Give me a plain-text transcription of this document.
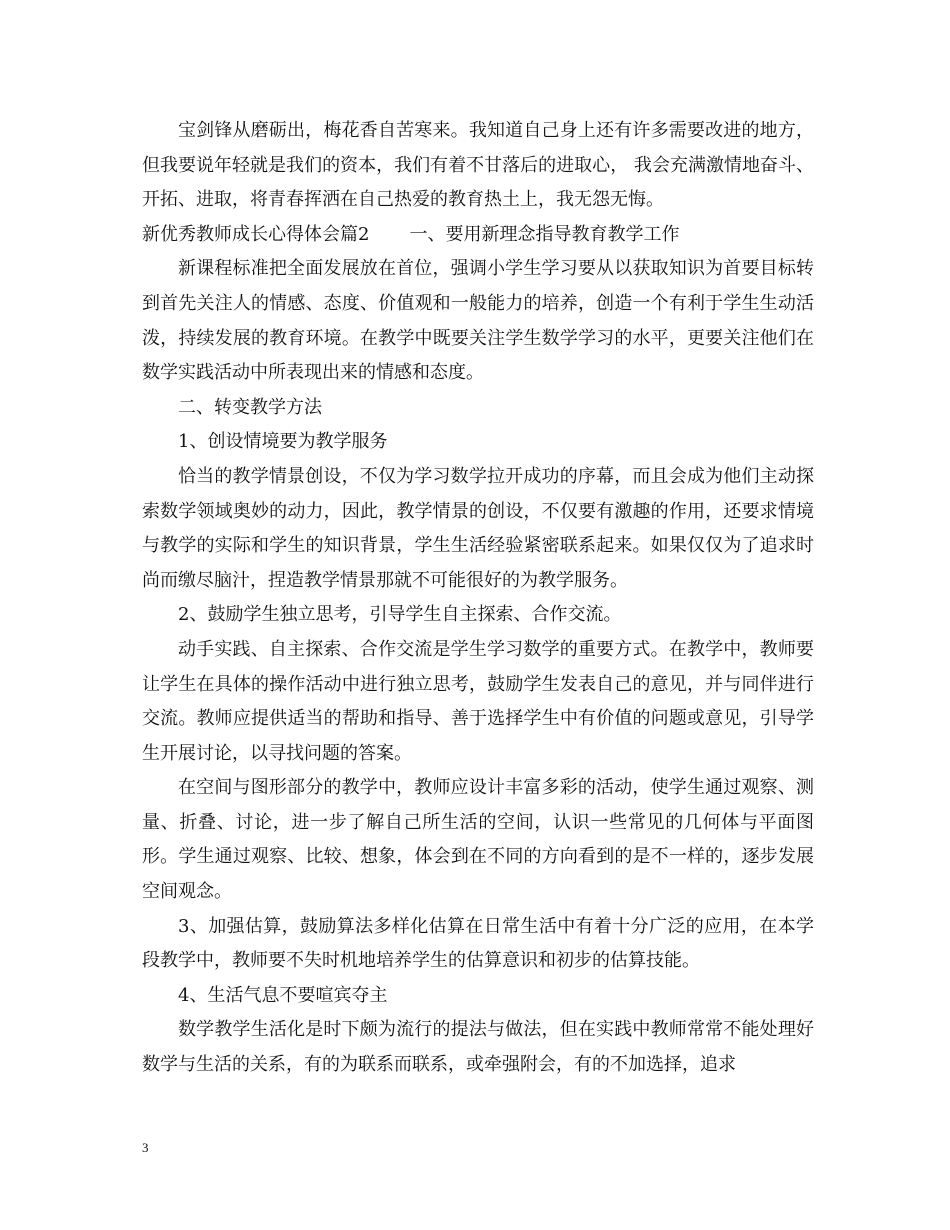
宝剑锋从磨砺出，梅花香自苦寒来。我知道自己身上还有许多需要改进的地方，但我要说年轻就是我们的资本，我们有着不甘落后的进取心， 我会充满激情地奋斗、开拓、进取，将青春挥洒在自己热爱的教育热土上，我无怨无悔。

新优秀教师成长心得体会篇2 一、要用新理念指导教育教学工作

新课程标准把全面发展放在首位，强调小学生学习要从以获取知识为首要目标转到首先关注人的情感、态度、价值观和一般能力的培养，创造一个有利于学生生动活泼，持续发展的教育环境。在教学中既要关注学生数学学习的水平，更要关注他们在数学实践活动中所表现出来的情感和态度。

二、转变教学方法

1、创设情境要为教学服务

恰当的教学情景创设，不仅为学习数学拉开成功的序幕，而且会成为他们主动探索数学领域奥妙的动力，因此，教学情景的创设，不仅要有激趣的作用，还要求情境与教学的实际和学生的知识背景，学生生活经验紧密联系起来。如果仅仅为了追求时尚而缴尽脑汁，捏造教学情景那就不可能很好的为教学服务。

2、鼓励学生独立思考，引导学生自主探索、合作交流。

动手实践、自主探索、合作交流是学生学习数学的重要方式。在教学中，教师要让学生在具体的操作活动中进行独立思考，鼓励学生发表自己的意见，并与同伴进行交流。教师应提供适当的帮助和指导、善于选择学生中有价值的问题或意见，引导学生开展讨论，以寻找问题的答案。

在空间与图形部分的教学中，教师应设计丰富多彩的活动，使学生通过观察、测量、折叠、讨论，进一步了解自己所生活的空间，认识一些常见的几何体与平面图形。学生通过观察、比较、想象，体会到在不同的方向看到的是不一样的，逐步发展空间观念。

3、加强估算，鼓励算法多样化估算在日常生活中有着十分广泛的应用，在本学段教学中，教师要不失时机地培养学生的估算意识和初步的估算技能。

4、生活气息不要喧宾夺主

数学教学生活化是时下颇为流行的提法与做法，但在实践中教师常常不能处理好数学与生活的关系，有的为联系而联系，或牵强附会，有的不加选择，追求

3
